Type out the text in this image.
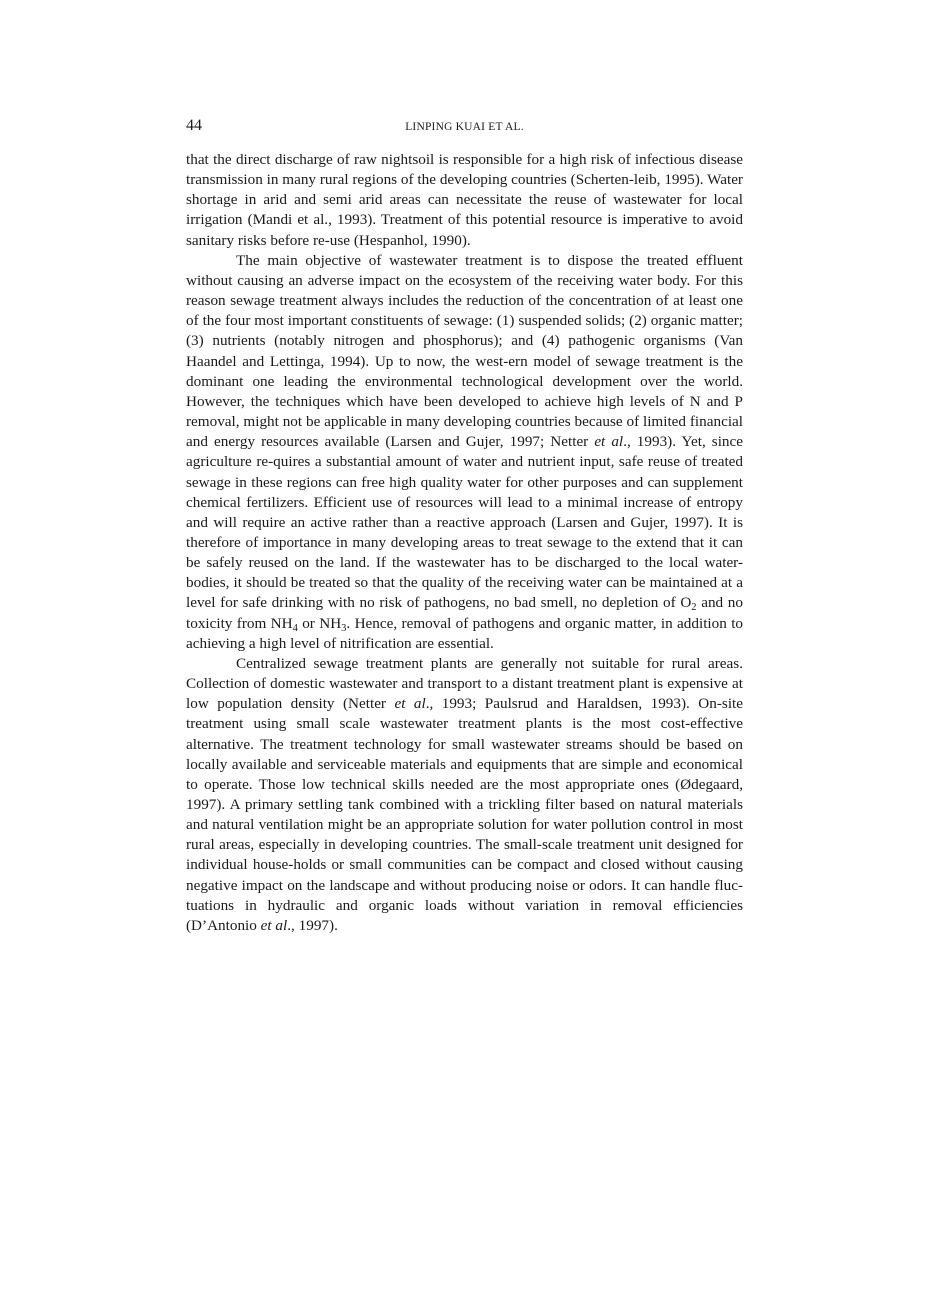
44	LINPING KUAI ET AL.

that the direct discharge of raw nightsoil is responsible for a high risk of infectious disease transmission in many rural regions of the developing countries (Scherten-leib, 1995). Water shortage in arid and semi arid areas can necessitate the reuse of wastewater for local irrigation (Mandi et al., 1993). Treatment of this potential resource is imperative to avoid sanitary risks before re-use (Hespanhol, 1990).

The main objective of wastewater treatment is to dispose the treated effluent without causing an adverse impact on the ecosystem of the receiving water body. For this reason sewage treatment always includes the reduction of the concentration of at least one of the four most important constituents of sewage: (1) suspended solids; (2) organic matter; (3) nutrients (notably nitrogen and phosphorus); and (4) pathogenic organisms (Van Haandel and Lettinga, 1994). Up to now, the west-ern model of sewage treatment is the dominant one leading the environmental technological development over the world. However, the techniques which have been developed to achieve high levels of N and P removal, might not be applicable in many developing countries because of limited financial and energy resources available (Larsen and Gujer, 1997; Netter et al., 1993). Yet, since agriculture re-quires a substantial amount of water and nutrient input, safe reuse of treated sewage in these regions can free high quality water for other purposes and can supplement chemical fertilizers. Efficient use of resources will lead to a minimal increase of entropy and will require an active rather than a reactive approach (Larsen and Gujer, 1997). It is therefore of importance in many developing areas to treat sewage to the extend that it can be safely reused on the land. If the wastewater has to be discharged to the local water-bodies, it should be treated so that the quality of the receiving water can be maintained at a level for safe drinking with no risk of pathogens, no bad smell, no depletion of $O_2$ and no toxicity from $NH_4$ or $NH_3$. Hence, removal of pathogens and organic matter, in addition to achieving a high level of nitrification are essential.

Centralized sewage treatment plants are generally not suitable for rural areas. Collection of domestic wastewater and transport to a distant treatment plant is expensive at low population density (Netter et al., 1993; Paulsrud and Haraldsen, 1993). On-site treatment using small scale wastewater treatment plants is the most cost-effective alternative. The treatment technology for small wastewater streams should be based on locally available and serviceable materials and equipments that are simple and economical to operate. Those low technical skills needed are the most appropriate ones (Ødegaard, 1997). A primary settling tank combined with a trickling filter based on natural materials and natural ventilation might be an appropriate solution for water pollution control in most rural areas, especially in developing countries. The small-scale treatment unit designed for individual house-holds or small communities can be compact and closed without causing negative impact on the landscape and without producing noise or odors. It can handle fluc-tuations in hydraulic and organic loads without variation in removal efficiencies (D’Antonio et al., 1997).
